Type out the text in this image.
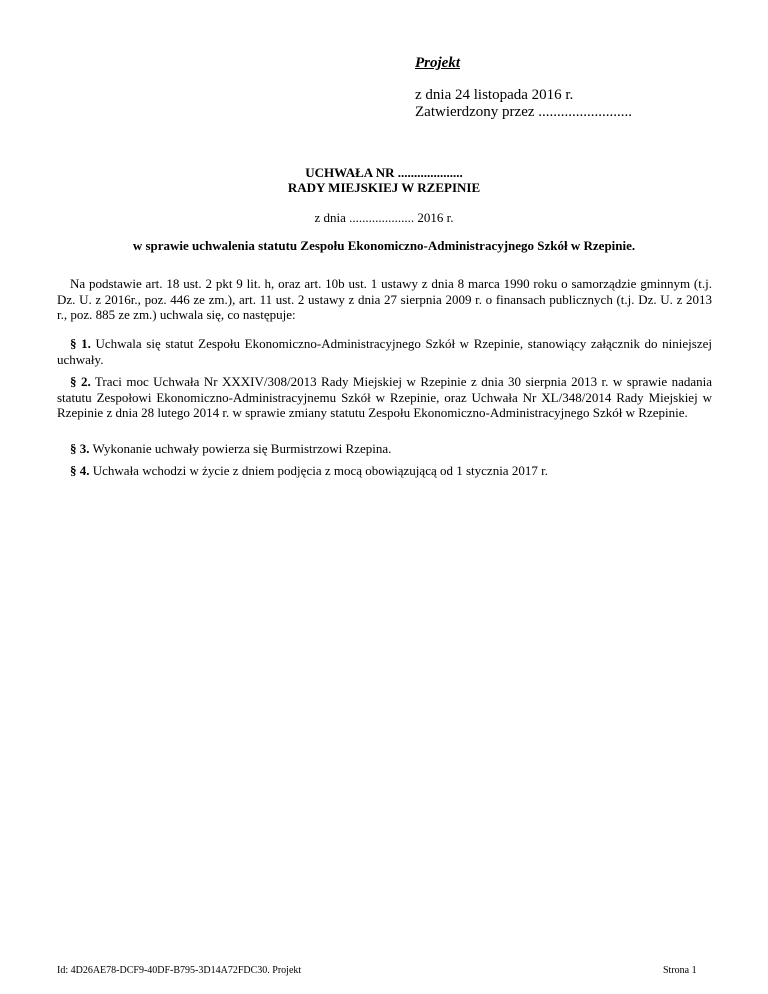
Projekt
z dnia 24 listopada 2016 r.
Zatwierdzony przez .........................
UCHWAŁA NR ....................
RADY MIEJSKIEJ W RZEPINIE
z dnia .................... 2016 r.
w sprawie uchwalenia statutu Zespołu Ekonomiczno-Administracyjnego Szkół w Rzepinie.

Na podstawie art. 18 ust. 2 pkt 9 lit. h, oraz art. 10b ust. 1 ustawy z dnia 8 marca 1990 roku o samorządzie gminnym (t.j. Dz. U. z 2016r., poz. 446 ze zm.), art. 11 ust. 2 ustawy z dnia 27 sierpnia 2009 r. o finansach publicznych (t.j. Dz. U. z 2013 r., poz. 885 ze zm.) uchwala się, co następuje:

§ 1. Uchwala się statut Zespołu Ekonomiczno-Administracyjnego Szkół w Rzepinie, stanowiący załącznik do niniejszej uchwały.

§ 2. Traci moc Uchwała Nr XXXIV/308/2013 Rady Miejskiej w Rzepinie z dnia 30 sierpnia 2013 r. w sprawie nadania statutu Zespołowi Ekonomiczno-Administracyjnemu Szkół w Rzepinie, oraz Uchwała Nr XL/348/2014 Rady Miejskiej w Rzepinie z dnia 28 lutego 2014 r. w sprawie zmiany statutu Zespołu Ekonomiczno-Administracyjnego Szkół w Rzepinie.

§ 3. Wykonanie uchwały powierza się Burmistrzowi Rzepina.

§ 4. Uchwała wchodzi w życie z dniem podjęcia z mocą obowiązującą od 1 stycznia 2017 r.

Id: 4D26AE78-DCF9-40DF-B795-3D14A72FDC30. Projekt	Strona 1
